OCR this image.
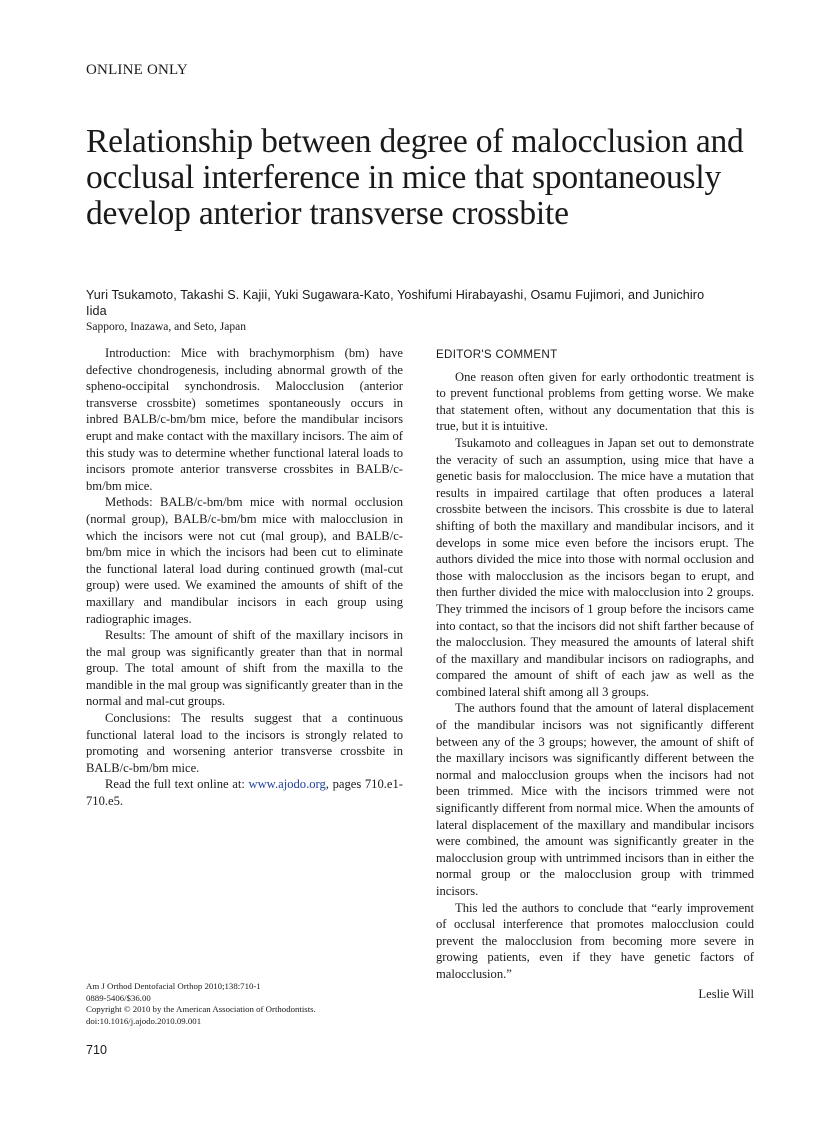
ONLINE ONLY
Relationship between degree of malocclusion and occlusal interference in mice that spontaneously develop anterior transverse crossbite
Yuri Tsukamoto, Takashi S. Kajii, Yuki Sugawara-Kato, Yoshifumi Hirabayashi, Osamu Fujimori, and Junichiro Iida
Sapporo, Inazawa, and Seto, Japan

Introduction: Mice with brachymorphism (bm) have defective chondrogenesis, including abnormal growth of the spheno-occipital synchondrosis. Malocclusion (anterior transverse crossbite) sometimes spontaneously occurs in inbred BALB/c-bm/bm mice, before the mandibular incisors erupt and make contact with the maxillary incisors. The aim of this study was to determine whether functional lateral loads to incisors promote anterior transverse crossbites in BALB/c-bm/bm mice.

Methods: BALB/c-bm/bm mice with normal occlusion (normal group), BALB/c-bm/bm mice with malocclusion in which the incisors were not cut (mal group), and BALB/c-bm/bm mice in which the incisors had been cut to eliminate the functional lateral load during continued growth (mal-cut group) were used. We examined the amounts of shift of the maxillary and mandibular incisors in each group using radiographic images.

Results: The amount of shift of the maxillary incisors in the mal group was significantly greater than that in normal group. The total amount of shift from the maxilla to the mandible in the mal group was significantly greater than in the normal and mal-cut groups.

Conclusions: The results suggest that a continuous functional lateral load to the incisors is strongly related to promoting and worsening anterior transverse crossbite in BALB/c-bm/bm mice.

Read the full text online at: www.ajodo.org, pages 710.e1-710.e5.

EDITOR'S COMMENT

One reason often given for early orthodontic treatment is to prevent functional problems from getting worse. We make that statement often, without any documentation that this is true, but it is intuitive.

Tsukamoto and colleagues in Japan set out to demonstrate the veracity of such an assumption, using mice that have a genetic basis for malocclusion. The mice have a mutation that results in impaired cartilage that often produces a lateral crossbite between the incisors. This crossbite is due to lateral shifting of both the maxillary and mandibular incisors, and it develops in some mice even before the incisors erupt. The authors divided the mice into those with normal occlusion and those with malocclusion as the incisors began to erupt, and then further divided the mice with malocclusion into 2 groups. They trimmed the incisors of 1 group before the incisors came into contact, so that the incisors did not shift farther because of the malocclusion. They measured the amounts of lateral shift of the maxillary and mandibular incisors on radiographs, and compared the amount of shift of each jaw as well as the combined lateral shift among all 3 groups.

The authors found that the amount of lateral displacement of the mandibular incisors was not significantly different between any of the 3 groups; however, the amount of shift of the maxillary incisors was significantly different between the normal and malocclusion groups when the incisors had not been trimmed. Mice with the incisors trimmed were not significantly different from normal mice. When the amounts of lateral displacement of the maxillary and mandibular incisors were combined, the amount was significantly greater in the malocclusion group with untrimmed incisors than in either the normal group or the malocclusion group with trimmed incisors.

This led the authors to conclude that “early improvement of occlusal interference that promotes malocclusion could prevent the malocclusion from becoming more severe in growing patients, even if they have genetic factors of malocclusion.”

Leslie Will

Am J Orthod Dentofacial Orthop 2010;138:710-1
0889-5406/$36.00
Copyright © 2010 by the American Association of Orthodontists.
doi:10.1016/j.ajodo.2010.09.001
710
